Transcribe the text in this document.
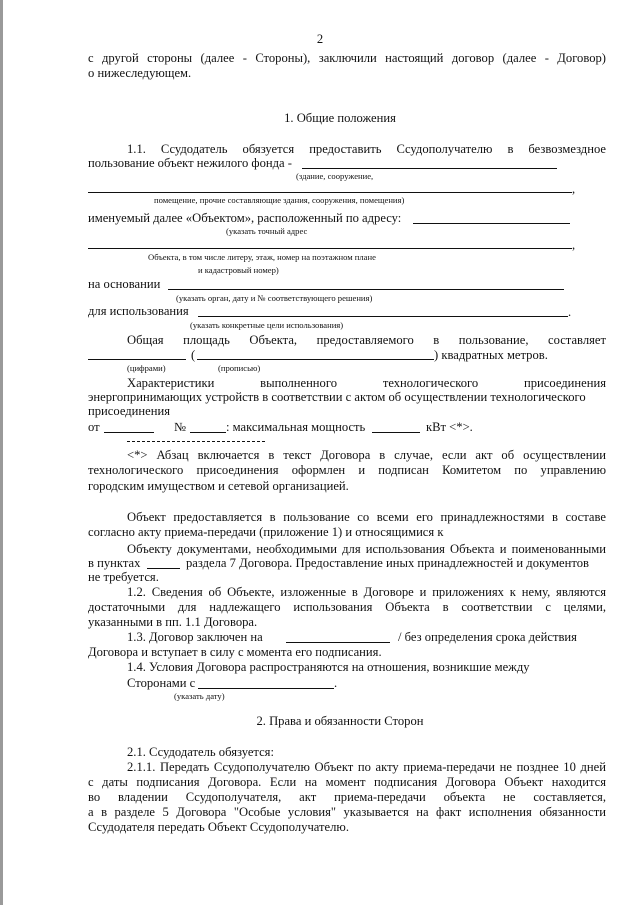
2
с другой стороны (далее - Стороны), заключили настоящий договор (далее - Договор)
о нижеследующем.
1. Общие положения
1.1. Ссудодатель обязуется предоставить Ссудополучателю в безвозмездное
пользование объект нежилого фонда -
(здание, сооружение,
,
помещение, прочие составляющие здания, сооружения, помещения)
именуемый далее «Объектом», расположенный по адресу:
(указать точный адрес
,
Объекта, в том числе литеру, этаж, номер на поэтажном плане
и кадастровый номер)
на основании
(указать орган, дату и № соответствующего решения)
для использования	.
(указать конкретные цели использования)
Общая площадь Объекта, предоставляемого в пользование, составляет
(	) квадратных метров.
(цифрами)	(прописью)
Характеристики выполненного технологического присоединения
энергопринимающих устройств в соответствии с актом об осуществлении технологического
присоединения
от	№	: максимальная мощность	кВт <*>.
<*> Абзац включается в текст Договора в случае, если акт об осуществлении
технологического присоединения оформлен и подписан Комитетом по управлению
городским имуществом и сетевой организацией.
Объект предоставляется в пользование со всеми его принадлежностями в составе
согласно акту приема-передачи (приложение 1) и относящимися к
Объекту документами, необходимыми для использования Объекта и поименованными
в пунктах	раздела 7 Договора. Предоставление иных принадлежностей и документов
не требуется.
1.2. Сведения об Объекте, изложенные в Договоре и приложениях к нему, являются
достаточными для надлежащего использования Объекта в соответствии с целями,
указанными в пп. 1.1 Договора.
1.3. Договор заключен на	/ без определения срока действия
Договора и вступает в силу с момента его подписания.
1.4. Условия Договора распространяются на отношения, возникшие между
Сторонами с	.
(указать дату)
2. Права и обязанности Сторон
2.1. Ссудодатель обязуется:
2.1.1. Передать Ссудополучателю Объект по акту приема-передачи не позднее 10 дней
с даты подписания Договора. Если на момент подписания Договора Объект находится
во владении Ссудополучателя, акт приема-передачи объекта не составляется,
а в разделе 5 Договора "Особые условия" указывается на факт исполнения обязанности
Ссудодателя передать Объект Ссудополучателю.
